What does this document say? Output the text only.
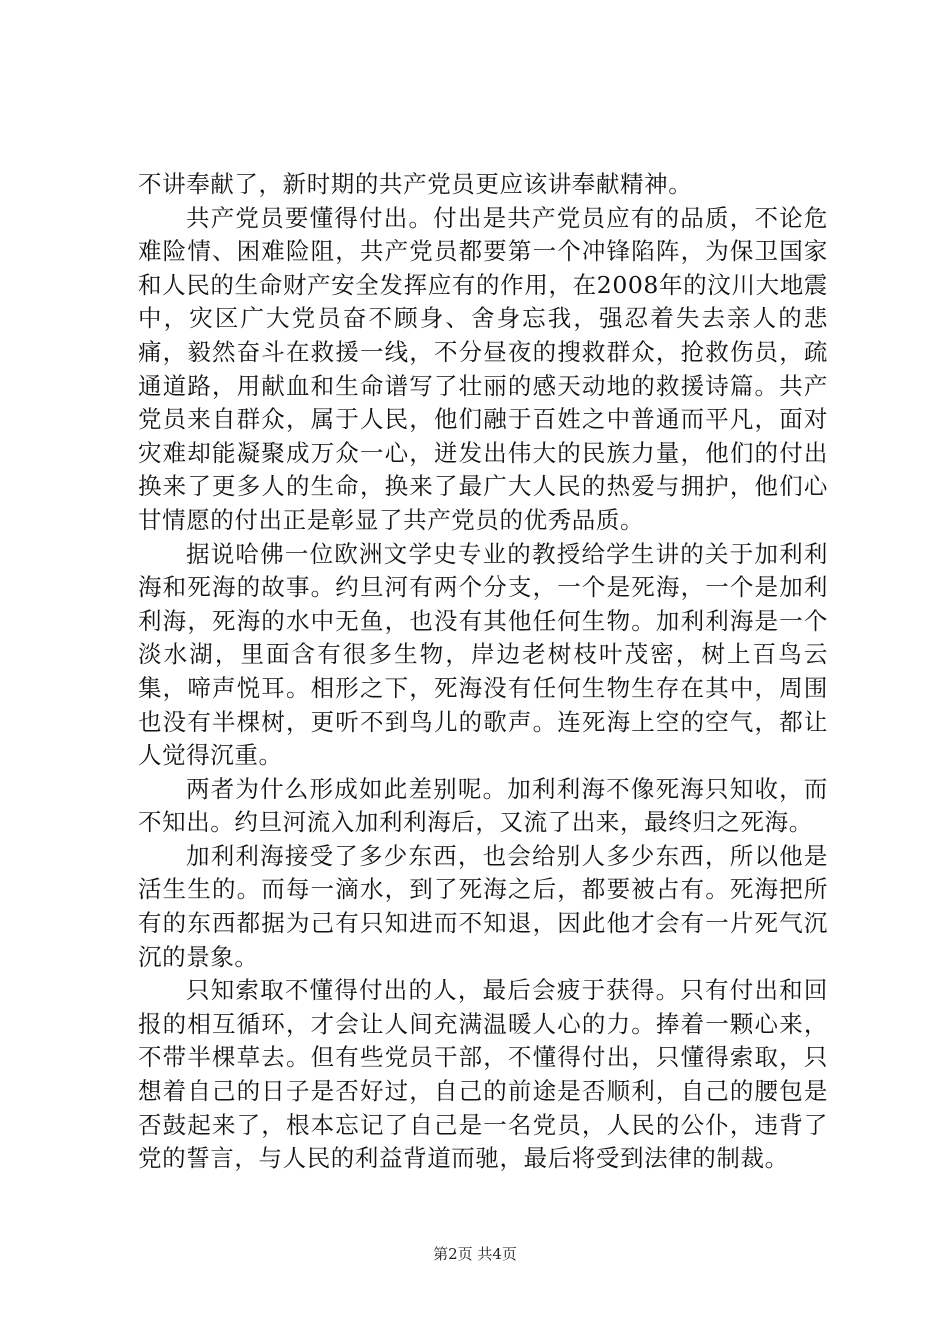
不讲奉献了，新时期的共产党员更应该讲奉献精神。

共产党员要懂得付出。付出是共产党员应有的品质，不论危难险情、困难险阻，共产党员都要第一个冲锋陷阵，为保卫国家和人民的生命财产安全发挥应有的作用，在2008年的汶川大地震中，灾区广大党员奋不顾身、舍身忘我，强忍着失去亲人的悲痛，毅然奋斗在救援一线，不分昼夜的搜救群众，抢救伤员，疏通道路，用献血和生命谱写了壮丽的感天动地的救援诗篇。共产党员来自群众，属于人民，他们融于百姓之中普通而平凡，面对灾难却能凝聚成万众一心，迸发出伟大的民族力量，他们的付出换来了更多人的生命，换来了最广大人民的热爱与拥护，他们心甘情愿的付出正是彰显了共产党员的优秀品质。

据说哈佛一位欧洲文学史专业的教授给学生讲的关于加利利海和死海的故事。约旦河有两个分支，一个是死海，一个是加利利海，死海的水中无鱼，也没有其他任何生物。加利利海是一个淡水湖，里面含有很多生物，岸边老树枝叶茂密，树上百鸟云集，啼声悦耳。相形之下，死海没有任何生物生存在其中，周围也没有半棵树，更听不到鸟儿的歌声。连死海上空的空气，都让人觉得沉重。

两者为什么形成如此差别呢。加利利海不像死海只知收，而不知出。约旦河流入加利利海后，又流了出来，最终归之死海。

加利利海接受了多少东西，也会给别人多少东西，所以他是活生生的。而每一滴水，到了死海之后，都要被占有。死海把所有的东西都据为己有只知进而不知退，因此他才会有一片死气沉沉的景象。

只知索取不懂得付出的人，最后会疲于获得。只有付出和回报的相互循环，才会让人间充满温暖人心的力。捧着一颗心来，不带半棵草去。但有些党员干部，不懂得付出，只懂得索取，只想着自己的日子是否好过，自己的前途是否顺利，自己的腰包是否鼓起来了，根本忘记了自己是一名党员，人民的公仆，违背了党的誓言，与人民的利益背道而驰，最后将受到法律的制裁。

第2页 共4页
